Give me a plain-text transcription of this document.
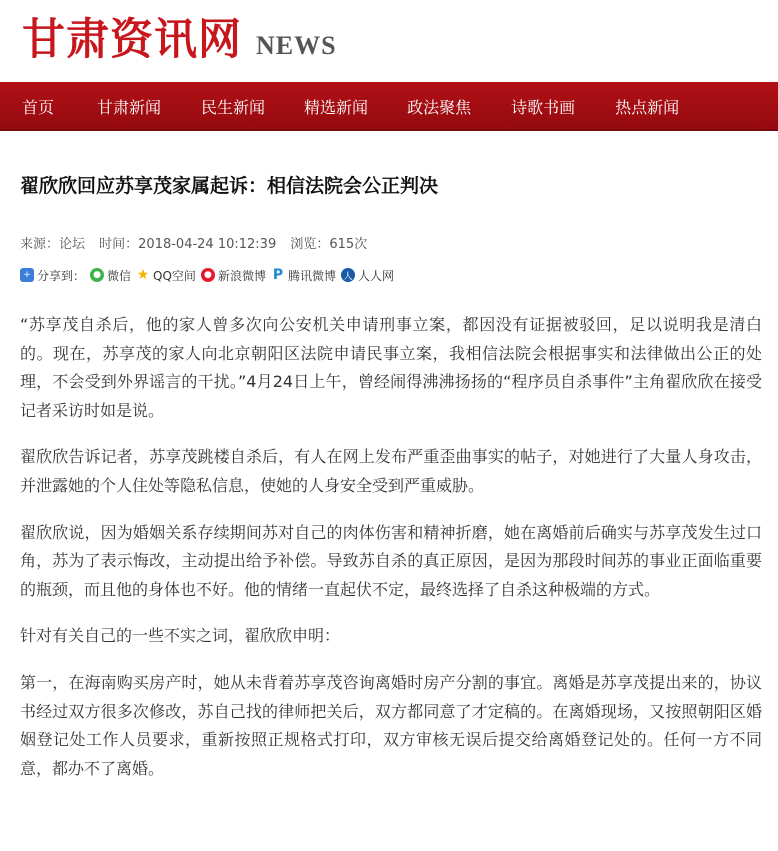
甘肃资讯网 NEWS
首页	甘肃新闻	民生新闻 精选新闻 政法聚焦	诗歌书画	热点新闻
翟欣欣回应苏享茂家属起诉：相信法院会公正判决
来源：论坛 时间：2018-04-24 10:12:39 浏览：615次
+ 分享到： ● 微信 ★ QQ空间 ● 新浪微博 P 腾讯微博 人 人人网

“苏享茂自杀后，他的家人曾多次向公安机关申请刑事立案，都因没有证据被驳回，足以说明我是清白的。现在，苏享茂的家人向北京朝阳区法院申请民事立案，我相信法院会根据事实和法律做出公正的处理，不会受到外界谣言的干扰。”4月24日上午，曾经闹得沸沸扬扬的“程序员自杀事件”主角翟欣欣在接受记者采访时如是说。

翟欣欣告诉记者，苏享茂跳楼自杀后，有人在网上发布严重歪曲事实的帖子，对她进行了大量人身攻击，并泄露她的个人住处等隐私信息，使她的人身安全受到严重威胁。

翟欣欣说，因为婚姻关系存续期间苏对自己的肉体伤害和精神折磨，她在离婚前后确实与苏享茂发生过口角，苏为了表示悔改，主动提出给予补偿。导致苏自杀的真正原因，是因为那段时间苏的事业正面临重要的瓶颈，而且他的身体也不好。他的情绪一直起伏不定，最终选择了自杀这种极端的方式。

针对有关自己的一些不实之词，翟欣欣申明：

第一，在海南购买房产时，她从未背着苏享茂咨询离婚时房产分割的事宜。离婚是苏享茂提出来的，协议书经过双方很多次修改，苏自己找的律师把关后，双方都同意了才定稿的。在离婚现场，又按照朝阳区婚姻登记处工作人员要求，重新按照正规格式打印，双方审核无误后提交给离婚登记处的。任何一方不同意，都办不了离婚。
